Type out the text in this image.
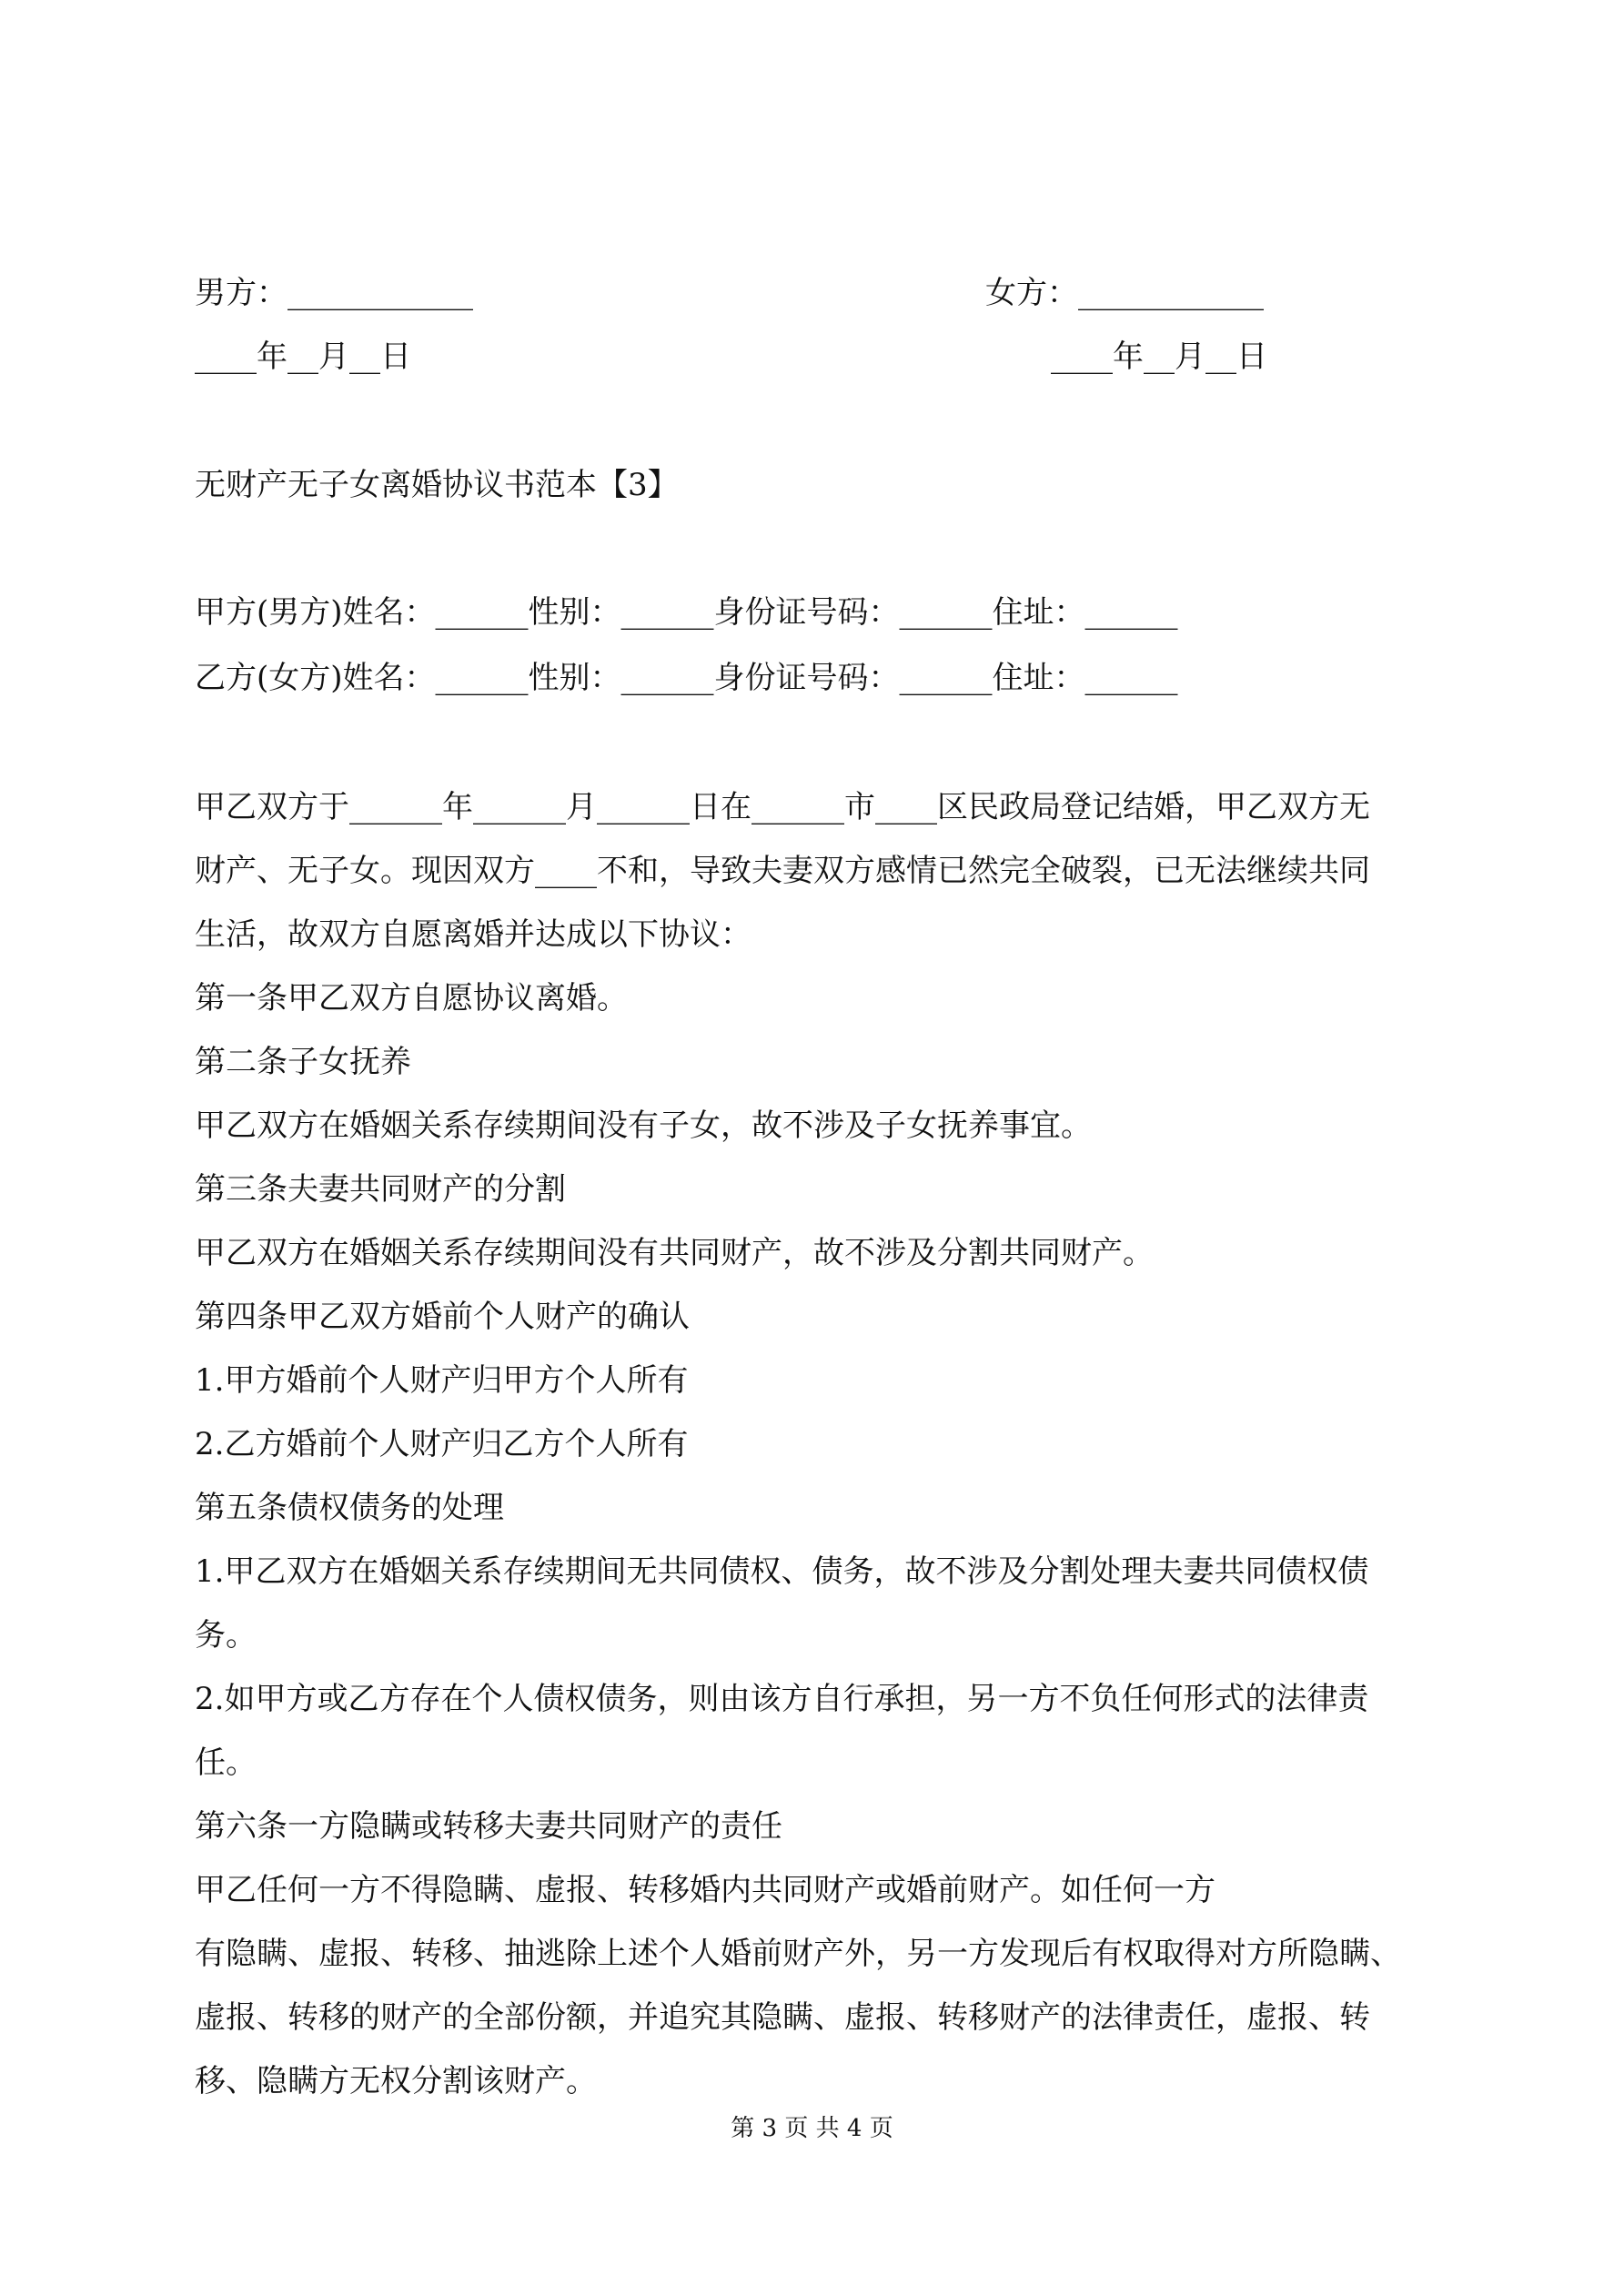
男方：____________	女方：____________
____年__月__日	____年__月__日
无财产无子女离婚协议书范本【3】
甲方(男方)姓名：______性别：______身份证号码：______住址：______
乙方(女方)姓名：______性别：______身份证号码：______住址：______
甲乙双方于______年______月______日在______市____区民政局登记结婚，甲乙双方无
财产、无子女。现因双方____不和，导致夫妻双方感情已然完全破裂，已无法继续共同
生活，故双方自愿离婚并达成以下协议：
第一条甲乙双方自愿协议离婚。
第二条子女抚养
甲乙双方在婚姻关系存续期间没有子女，故不涉及子女抚养事宜。
第三条夫妻共同财产的分割
甲乙双方在婚姻关系存续期间没有共同财产，故不涉及分割共同财产。
第四条甲乙双方婚前个人财产的确认
1.甲方婚前个人财产归甲方个人所有
2.乙方婚前个人财产归乙方个人所有
第五条债权债务的处理
1.甲乙双方在婚姻关系存续期间无共同债权、债务，故不涉及分割处理夫妻共同债权债
务。
2.如甲方或乙方存在个人债权债务，则由该方自行承担，另一方不负任何形式的法律责
任。
第六条一方隐瞒或转移夫妻共同财产的责任
甲乙任何一方不得隐瞒、虚报、转移婚内共同财产或婚前财产。如任何一方
有隐瞒、虚报、转移、抽逃除上述个人婚前财产外，另一方发现后有权取得对方所隐瞒、
虚报、转移的财产的全部份额，并追究其隐瞒、虚报、转移财产的法律责任，虚报、转
移、隐瞒方无权分割该财产。
第 3 页 共 4 页
